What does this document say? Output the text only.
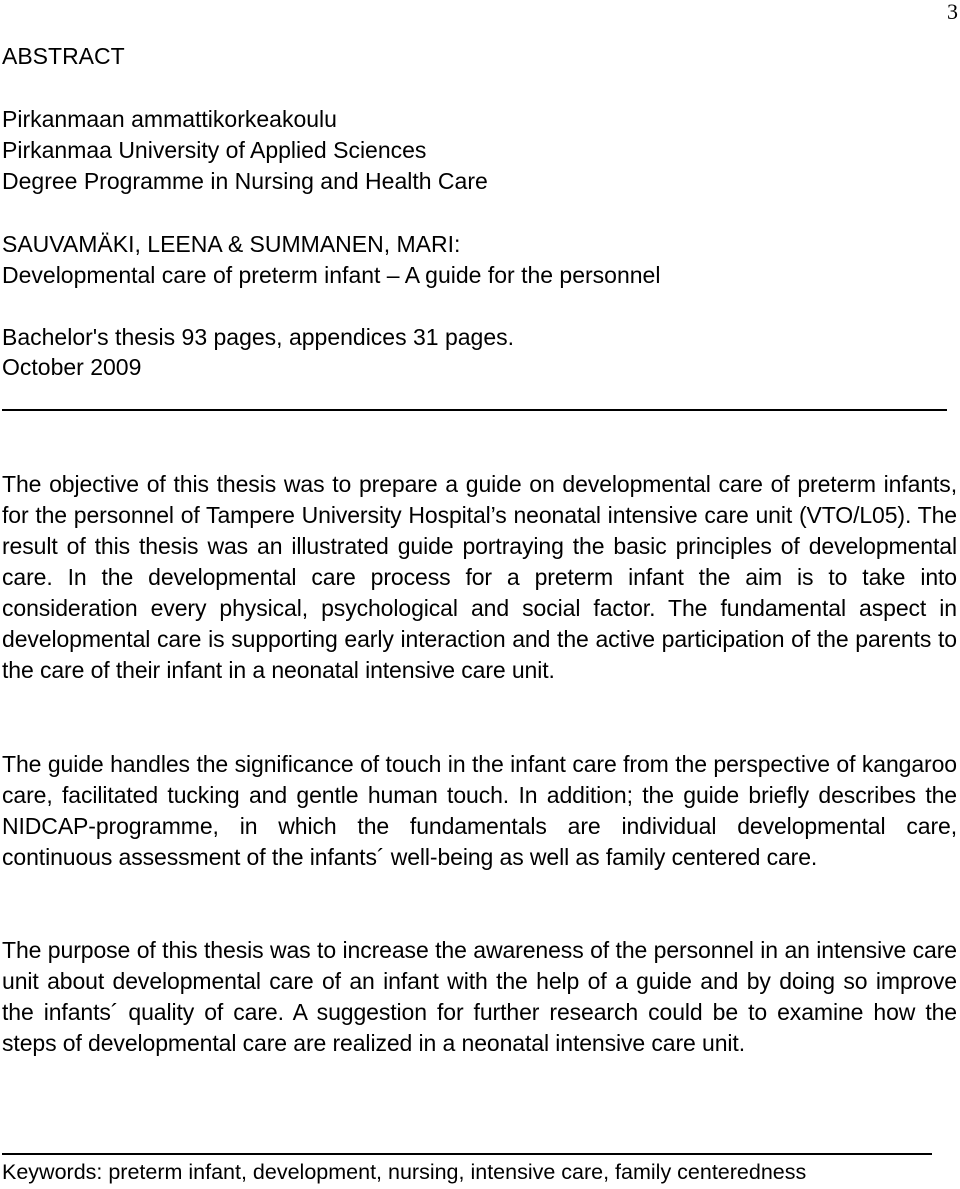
3
ABSTRACT
Pirkanmaan ammattikorkeakoulu
Pirkanmaa University of Applied Sciences
Degree Programme in Nursing and Health Care
SAUVAMÄKI, LEENA & SUMMANEN, MARI:
Developmental care of preterm infant – A guide for the personnel
Bachelor's thesis 93 pages, appendices 31 pages.
October 2009

The objective of this thesis was to prepare a guide on developmental care of preterm infants, for the personnel of Tampere University Hospital’s neonatal intensive care unit (VTO/L05). The result of this thesis was an illustrated guide portraying the basic principles of developmental care. In the developmental care process for a preterm infant the aim is to take into consideration every physical, psychological and social factor. The fundamental aspect in developmental care is supporting early interaction and the active participation of the parents to the care of their infant in a neonatal intensive care unit.

The guide handles the significance of touch in the infant care from the perspective of kangaroo care, facilitated tucking and gentle human touch. In addition; the guide briefly describes the NIDCAP-programme, in which the fundamentals are individual developmental care, continuous assessment of the infants´ well-being as well as family centered care.

The purpose of this thesis was to increase the awareness of the personnel in an intensive care unit about developmental care of an infant with the help of a guide and by doing so improve the infants´ quality of care. A suggestion for further research could be to examine how the steps of developmental care are realized in a neonatal intensive care unit.

Keywords: preterm infant, development, nursing, intensive care, family centeredness
